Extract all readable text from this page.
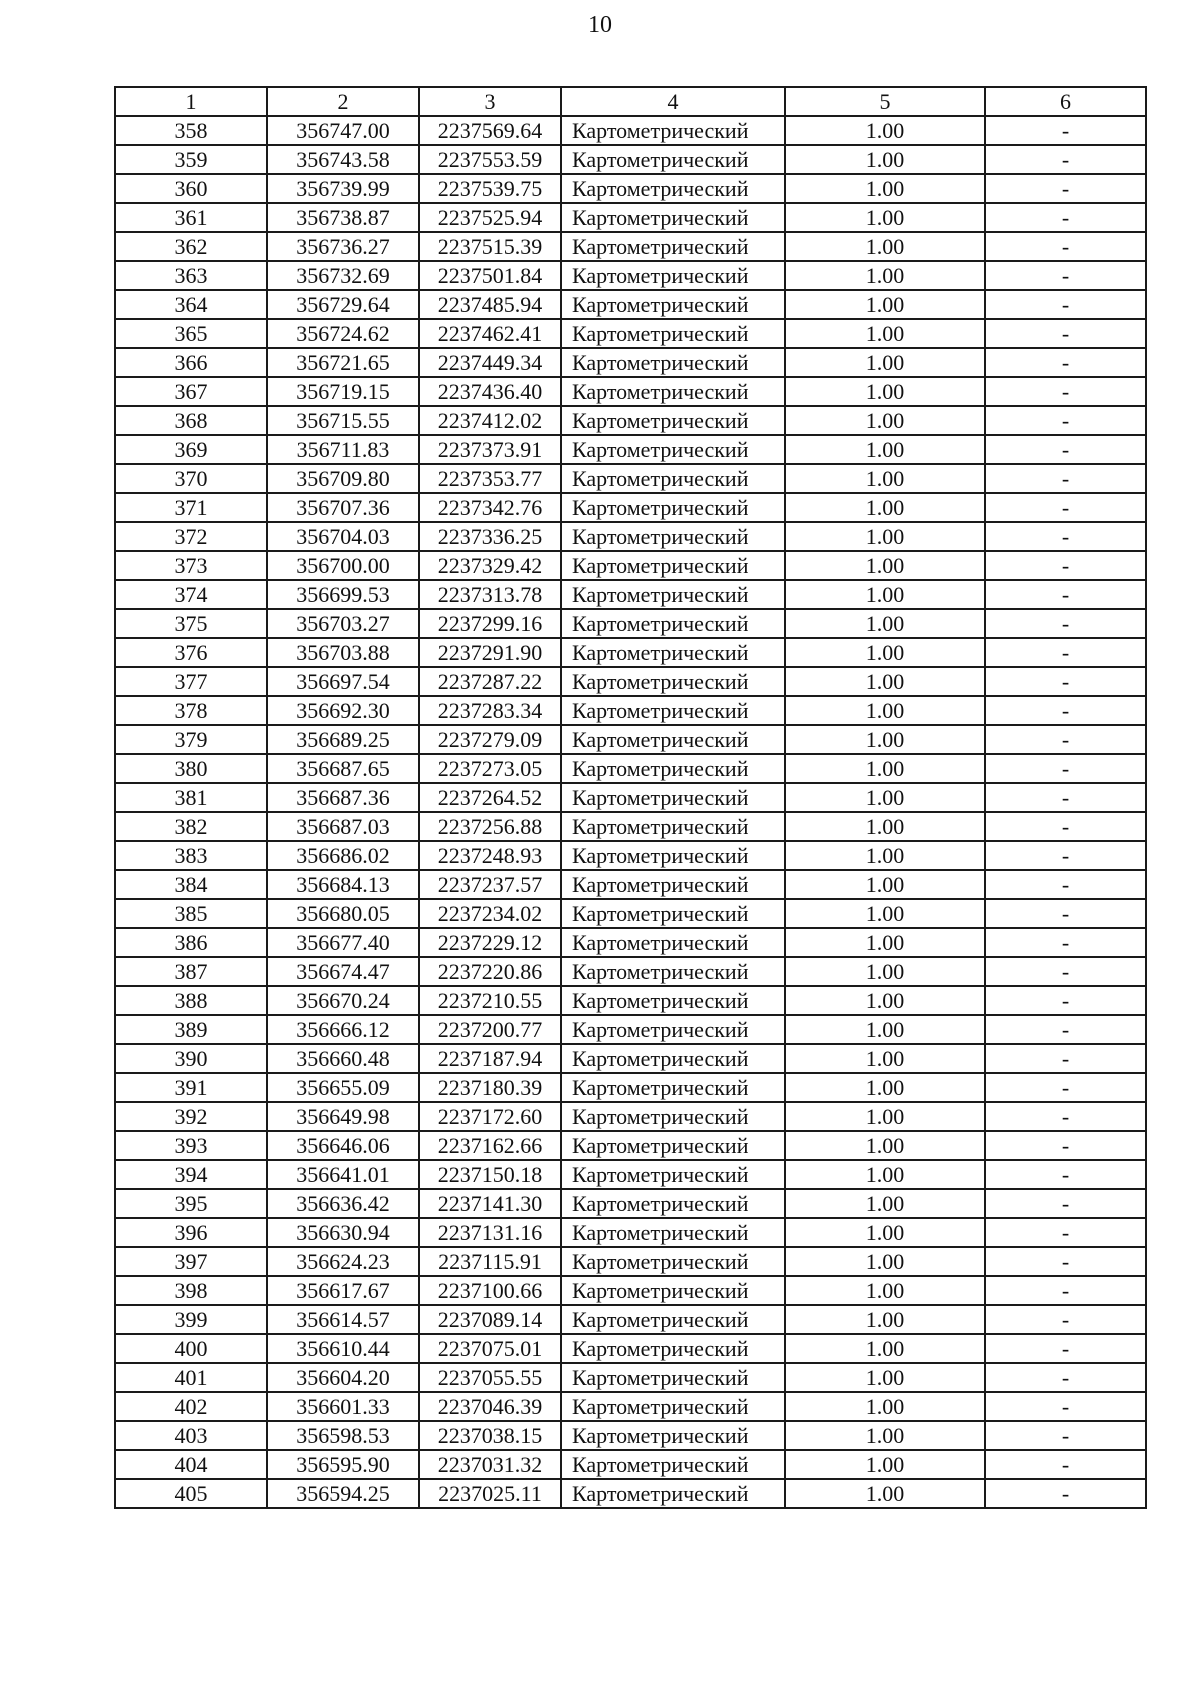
10
1	2	3	4	5	6
358	356747.00	2237569.64	Картометрический	1.00	-
359	356743.58	2237553.59	Картометрический	1.00	-
360	356739.99	2237539.75	Картометрический	1.00	-
361	356738.87	2237525.94	Картометрический	1.00	-
362	356736.27	2237515.39	Картометрический	1.00	-
363	356732.69	2237501.84	Картометрический	1.00	-
364	356729.64	2237485.94	Картометрический	1.00	-
365	356724.62	2237462.41	Картометрический	1.00	-
366	356721.65	2237449.34	Картометрический	1.00	-
367	356719.15	2237436.40	Картометрический	1.00	-
368	356715.55	2237412.02	Картометрический	1.00	-
369	356711.83	2237373.91	Картометрический	1.00	-
370	356709.80	2237353.77	Картометрический	1.00	-
371	356707.36	2237342.76	Картометрический	1.00	-
372	356704.03	2237336.25	Картометрический	1.00	-
373	356700.00	2237329.42	Картометрический	1.00	-
374	356699.53	2237313.78	Картометрический	1.00	-
375	356703.27	2237299.16	Картометрический	1.00	-
376	356703.88	2237291.90	Картометрический	1.00	-
377	356697.54	2237287.22	Картометрический	1.00	-
378	356692.30	2237283.34	Картометрический	1.00	-
379	356689.25	2237279.09	Картометрический	1.00	-
380	356687.65	2237273.05	Картометрический	1.00	-
381	356687.36	2237264.52	Картометрический	1.00	-
382	356687.03	2237256.88	Картометрический	1.00	-
383	356686.02	2237248.93	Картометрический	1.00	-
384	356684.13	2237237.57	Картометрический	1.00	-
385	356680.05	2237234.02	Картометрический	1.00	-
386	356677.40	2237229.12	Картометрический	1.00	-
387	356674.47	2237220.86	Картометрический	1.00	-
388	356670.24	2237210.55	Картометрический	1.00	-
389	356666.12	2237200.77	Картометрический	1.00	-
390	356660.48	2237187.94	Картометрический	1.00	-
391	356655.09	2237180.39	Картометрический	1.00	-
392	356649.98	2237172.60	Картометрический	1.00	-
393	356646.06	2237162.66	Картометрический	1.00	-
394	356641.01	2237150.18	Картометрический	1.00	-
395	356636.42	2237141.30	Картометрический	1.00	-
396	356630.94	2237131.16	Картометрический	1.00	-
397	356624.23	2237115.91	Картометрический	1.00	-
398	356617.67	2237100.66	Картометрический	1.00	-
399	356614.57	2237089.14	Картометрический	1.00	-
400	356610.44	2237075.01	Картометрический	1.00	-
401	356604.20	2237055.55	Картометрический	1.00	-
402	356601.33	2237046.39	Картометрический	1.00	-
403	356598.53	2237038.15	Картометрический	1.00	-
404	356595.90	2237031.32	Картометрический	1.00	-
405	356594.25	2237025.11	Картометрический	1.00	-
